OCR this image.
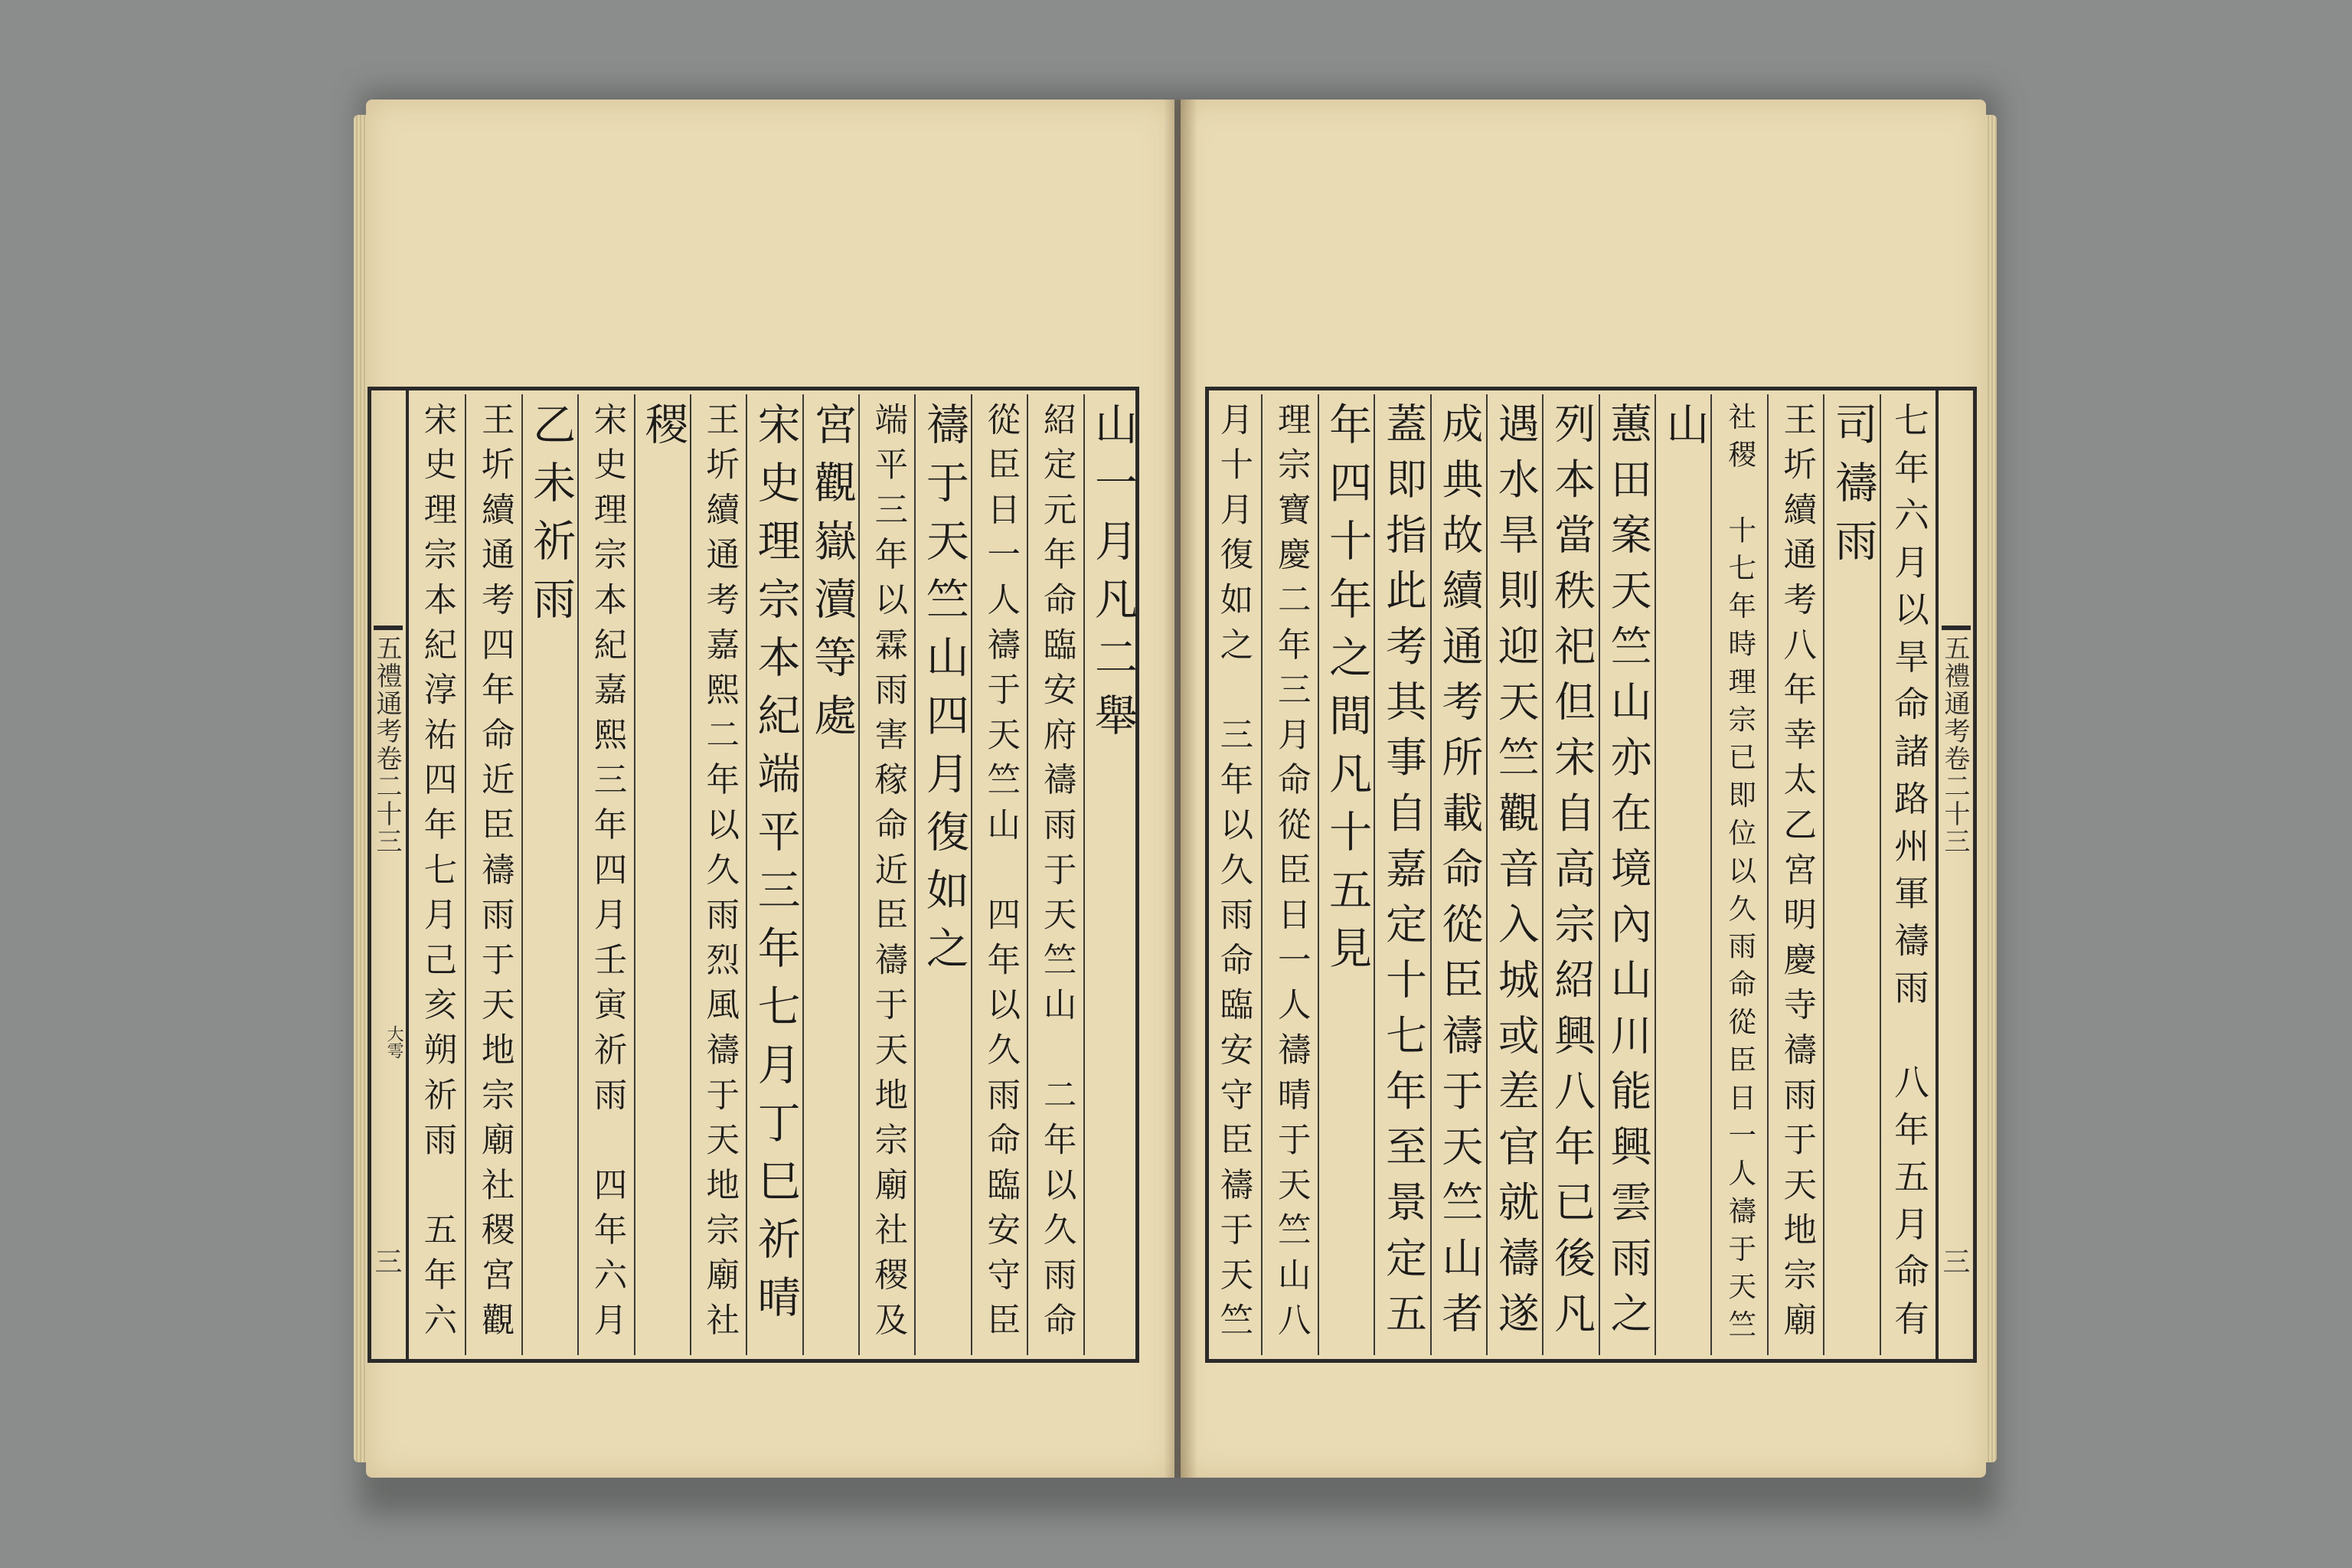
五禮通考卷二十三
大雩
三
山一月凡二舉
紹定元年命臨安府禱雨于天竺山　二年以久雨命
從臣日一人禱于天竺山　四年以久雨命臨安守臣
禱于天竺山四月復如之
端平三年以霖雨害稼命近臣禱于天地宗廟社稷及
宮觀嶽瀆等處
宋史理宗本紀端平三年七月丁巳祈晴
王圻續通考嘉熙二年以久雨烈風禱于天地宗廟社
稷
宋史理宗本紀嘉熙三年四月壬寅祈雨　四年六月
乙未祈雨
王圻續通考四年命近臣禱雨于天地宗廟社稷宮觀
宋史理宗本紀淳祐四年七月己亥朔祈雨　五年六	五禮通考卷二十三
三
七年六月以旱命諸路州軍禱雨　八年五月命有
司禱雨
王圻續通考八年幸太乙宮明慶寺禱雨于天地宗廟
社稷　十七年時理宗已即位以久雨命從臣日一人禱于天竺
山
蕙田案天竺山亦在境內山川能興雲雨之
列本當秩祀但宋自高宗紹興八年已後凡
遇水旱則迎天竺觀音入城或差官就禱遂
成典故續通考所載命從臣禱于天竺山者
蓋即指此考其事自嘉定十七年至景定五
年四十年之間凡十五見
理宗寶慶二年三月命從臣日一人禱晴于天竺山八
月十月復如之　三年以久雨命臨安守臣禱于天竺
